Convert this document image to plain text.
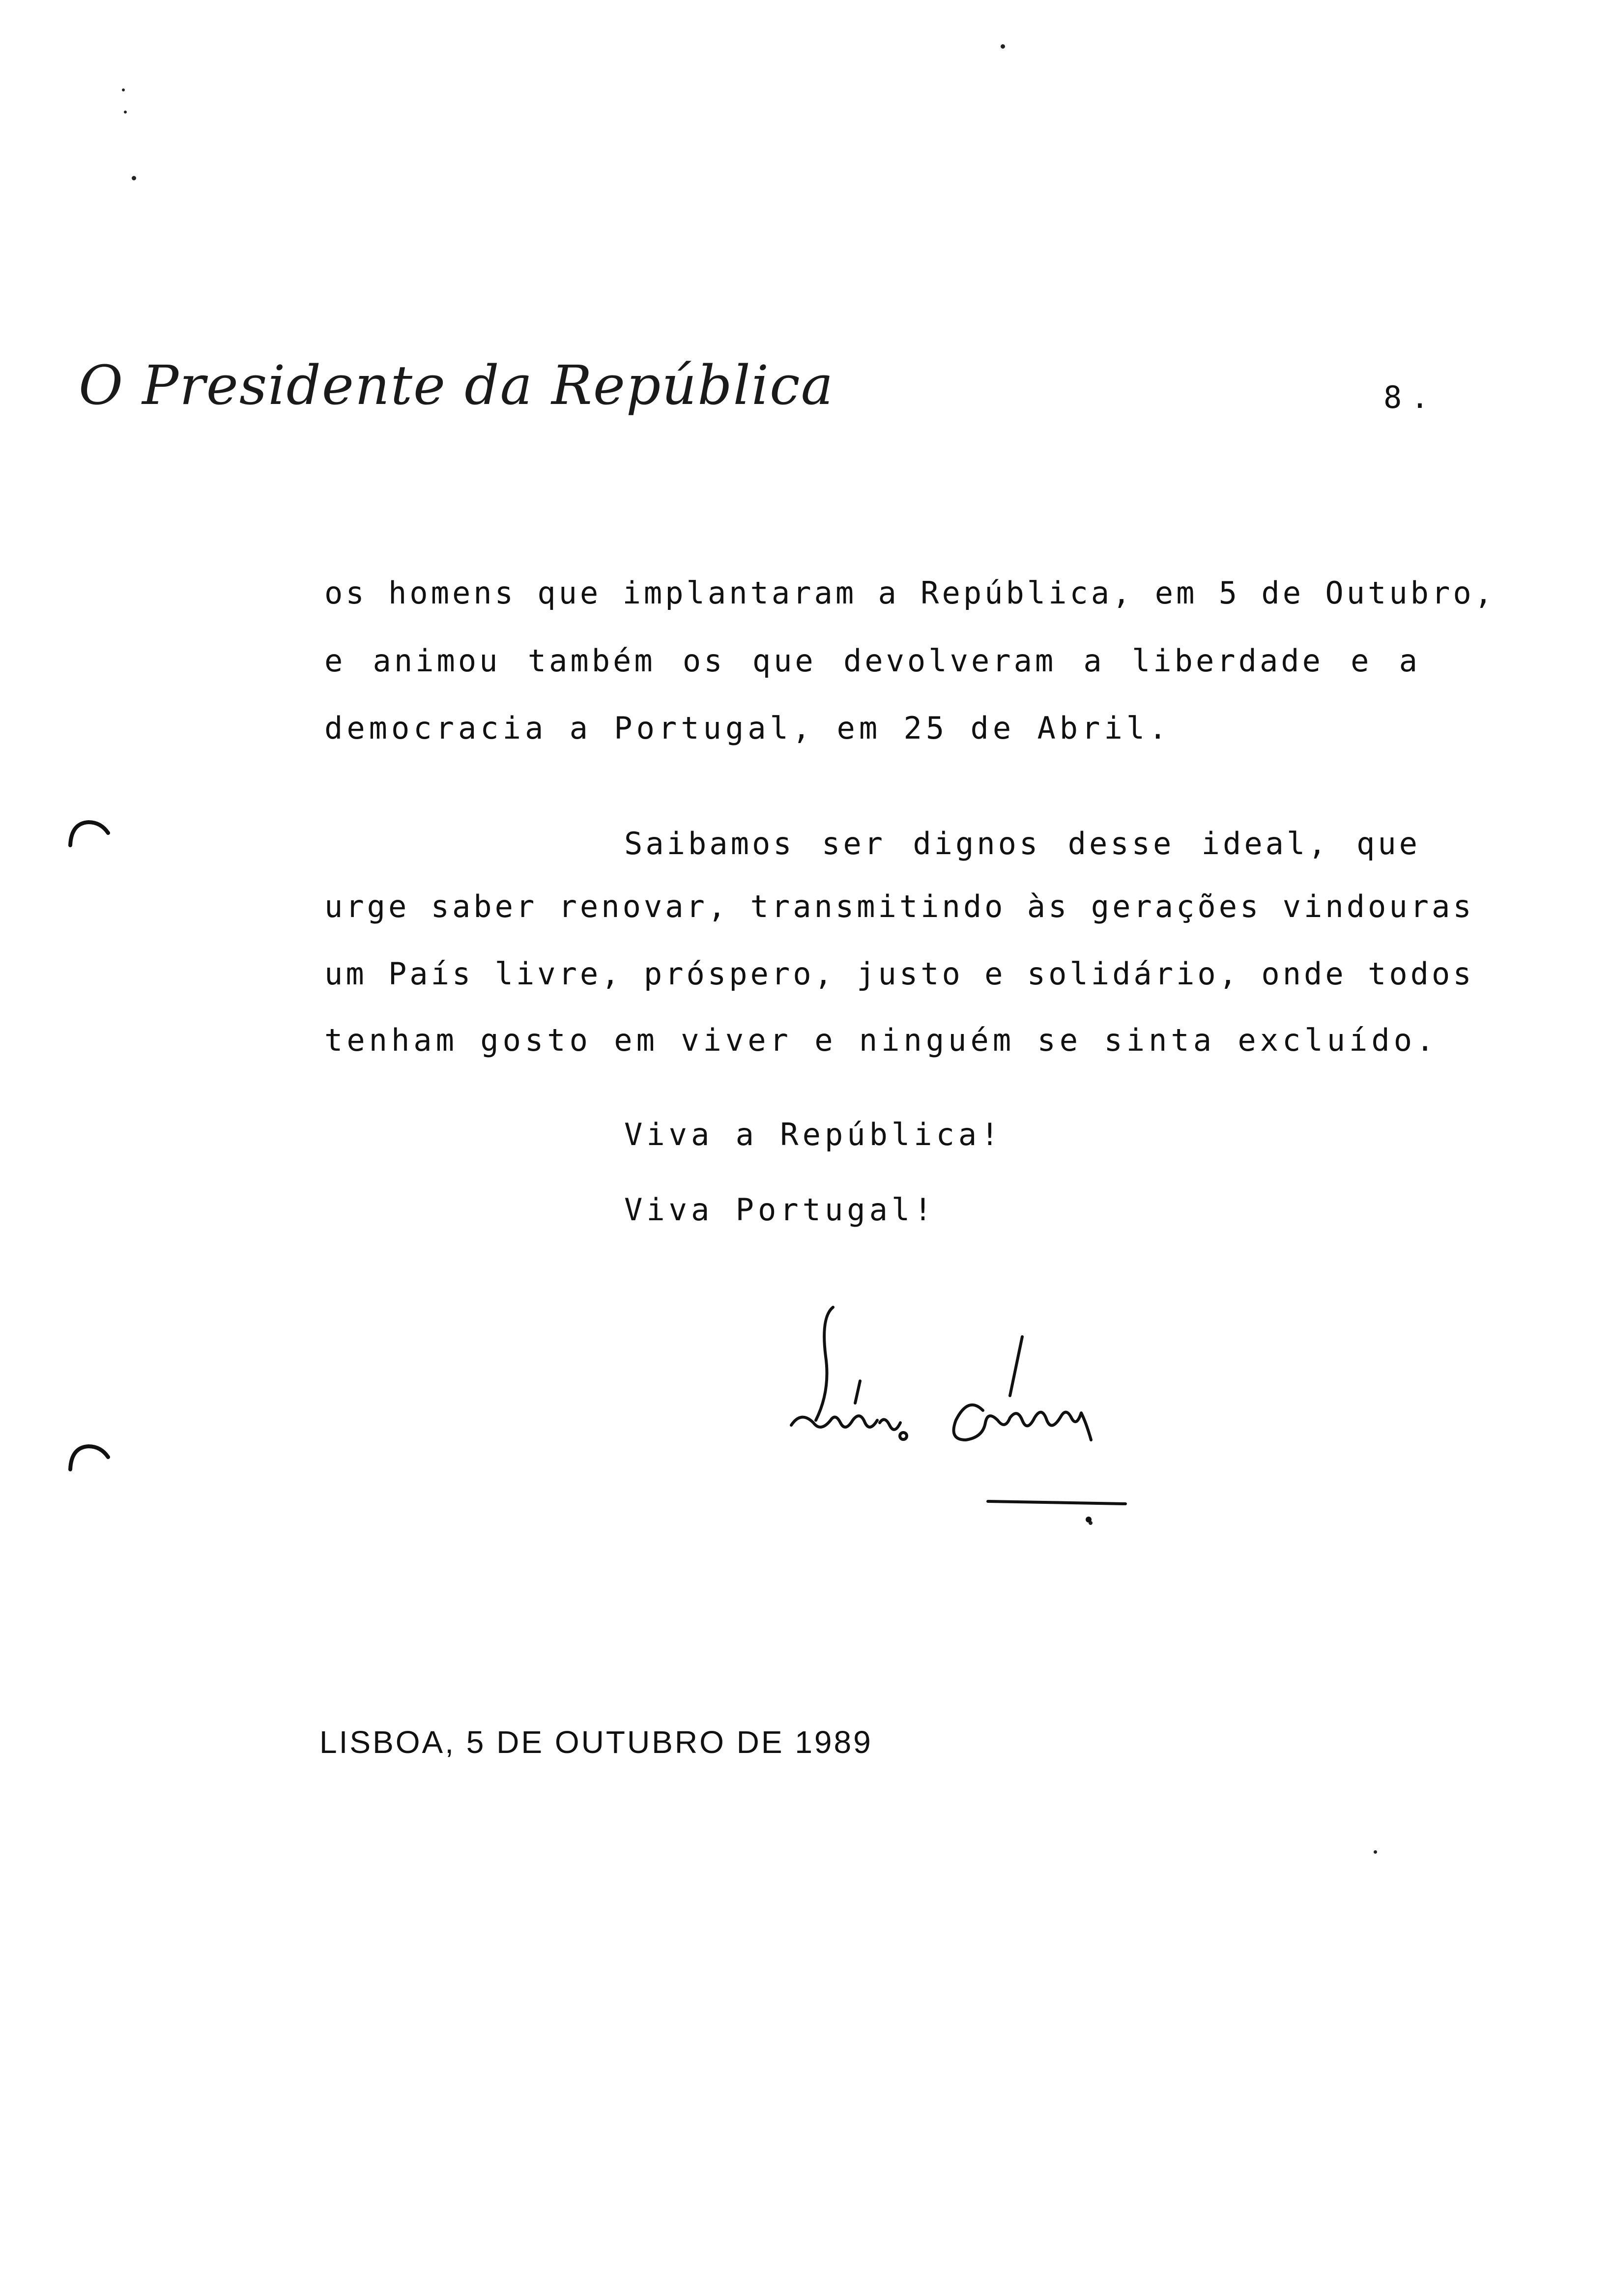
O Presidente da República	8.
os homens que implantaram a República, em 5 de Outubro,
e animou também os que devolveram a liberdade e a
democracia a Portugal, em 25 de Abril.
Saibamos ser dignos desse ideal, que
urge saber renovar, transmitindo às gerações vindouras
um País livre, próspero, justo e solidário, onde todos
tenham gosto em viver e ninguém se sinta excluído.
Viva a República!
Viva Portugal!
LISBOA, 5 DE OUTUBRO DE 1989
